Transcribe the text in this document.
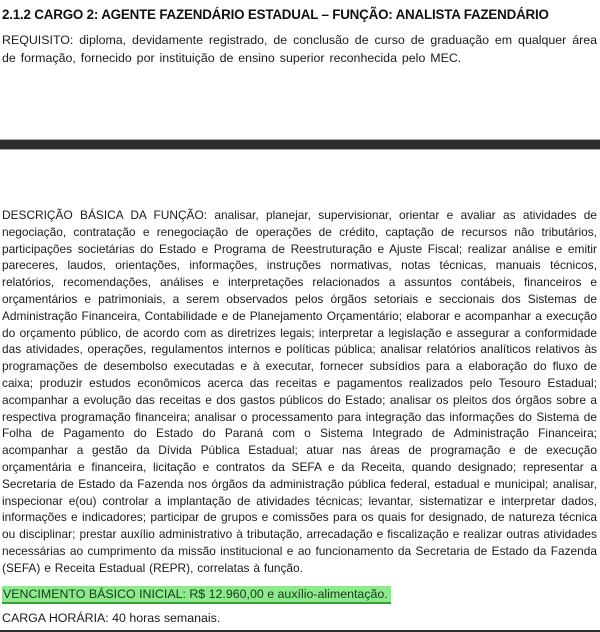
2.1.2 CARGO 2: AGENTE FAZENDÁRIO ESTADUAL – FUNÇÃO: ANALISTA FAZENDÁRIO

REQUISITO: diploma, devidamente registrado, de conclusão de curso de graduação em qualquer área de formação, fornecido por instituição de ensino superior reconhecida pelo MEC.

DESCRIÇÃO BÁSICA DA FUNÇÃO: analisar, planejar, supervisionar, orientar e avaliar as atividades de negociação, contratação e renegociação de operações de crédito, captação de recursos não tributários, participações societárias do Estado e Programa de Reestruturação e Ajuste Fiscal; realizar análise e emitir pareceres, laudos, orientações, informações, instruções normativas, notas técnicas, manuais técnicos, relatórios, recomendações, análises e interpretações relacionados a assuntos contábeis, financeiros e orçamentários e patrimoniais, a serem observados pelos órgãos setoriais e seccionais dos Sistemas de Administração Financeira, Contabilidade e de Planejamento Orçamentário; elaborar e acompanhar a execução do orçamento público, de acordo com as diretrizes legais; interpretar a legislação e assegurar a conformidade das atividades, operações, regulamentos internos e políticas pública; analisar relatórios analíticos relativos às programações de desembolso executadas e à executar, fornecer subsídios para a elaboração do fluxo de caixa; produzir estudos econômicos acerca das receitas e pagamentos realizados pelo Tesouro Estadual; acompanhar a evolução das receitas e dos gastos públicos do Estado; analisar os pleitos dos órgãos sobre a respectiva programação financeira; analisar o processamento para integração das informações do Sistema de Folha de Pagamento do Estado do Paraná com o Sistema Integrado de Administração Financeira; acompanhar a gestão da Dívida Pública Estadual; atuar nas áreas de programação e de execução orçamentária e financeira, licitação e contratos da SEFA e da Receita, quando designado; representar a Secretaria de Estado da Fazenda nos órgãos da administração pública federal, estadual e municipal; analisar, inspecionar e(ou) controlar a implantação de atividades técnicas; levantar, sistematizar e interpretar dados, informações e indicadores; participar de grupos e comissões para os quais for designado, de natureza técnica ou disciplinar; prestar auxílio administrativo à tributação, arrecadação e fiscalização e realizar outras atividades necessárias ao cumprimento da missão institucional e ao funcionamento da Secretaria de Estado da Fazenda (SEFA) e Receita Estadual (REPR), correlatas à função.

VENCIMENTO BÁSICO INICIAL: R$ 12.960,00 e auxílio-alimentação.

CARGA HORÁRIA: 40 horas semanais.
